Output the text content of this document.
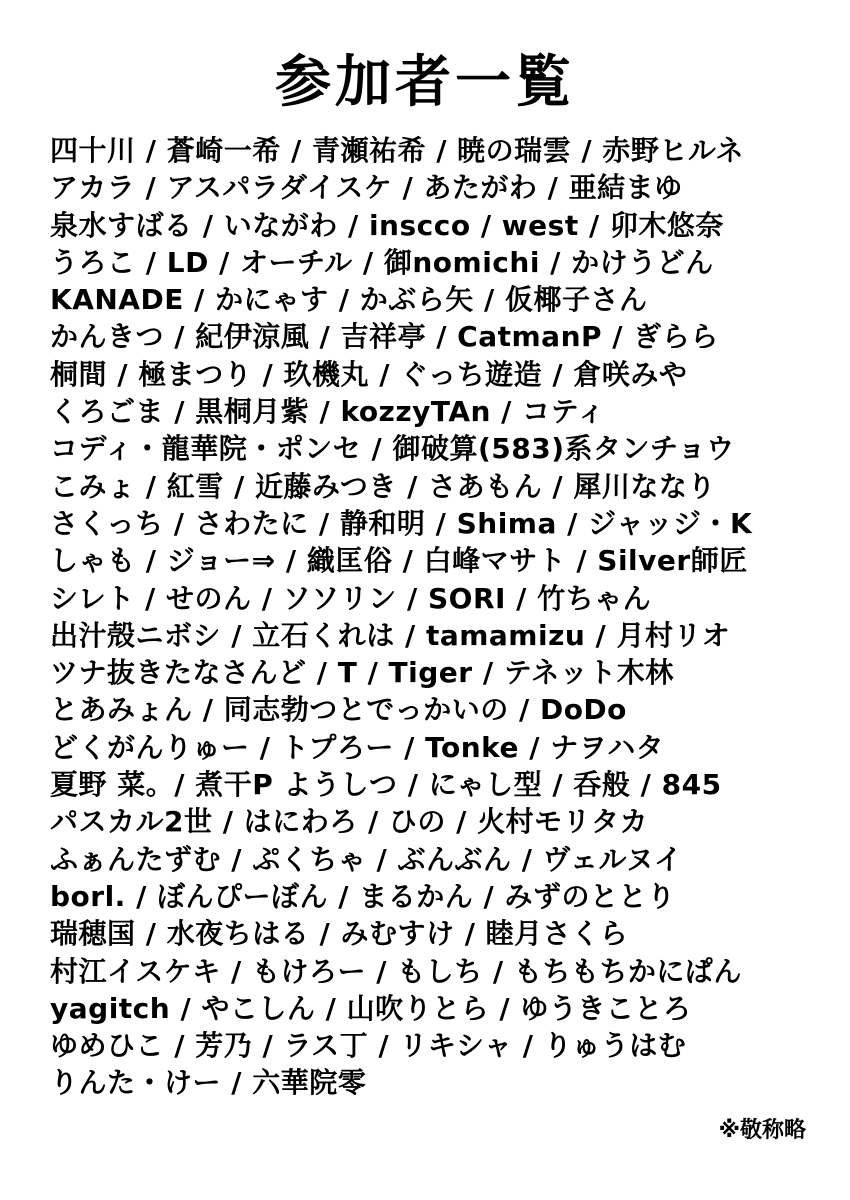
参加者一覧
四十川 / 蒼崎一希 / 青瀬祐希 / 暁の瑞雲 / 赤野ヒルネ
アカラ / アスパラダイスケ / あたがわ / 亜結まゆ
泉水すばる / いながわ / inscco / west / 卯木悠奈
うろこ / LD / オーチル / 御nomichi / かけうどん
KANADE / かにゃす / かぶら矢 / 仮椰子さん
かんきつ / 紀伊涼風 / 吉祥亭 / CatmanP / ぎらら
桐間 / 極まつり / 玖機丸 / ぐっち遊造 / 倉咲みや
くろごま / 黒桐月紫 / kozzyTAn / コティ
コディ・龍華院・ポンセ / 御破算(583)系タンチョウ
こみょ / 紅雪 / 近藤みつき / さあもん / 犀川ななり
さくっち / さわたに / 静和明 / Shima / ジャッジ・K
しゃも / ジョー⇒ / 織匡俗 / 白峰マサト / Silver師匠
シレト / せのん / ソソリン / SORI / 竹ちゃん
出汁殻ニボシ / 立石くれは / tamamizu / 月村リオ
ツナ抜きたなさんど / T / Tiger / テネット木林
とあみょん / 同志勃つとでっかいの / DoDo
どくがんりゅー / トプろー / Tonke / ナヲハタ
夏野 菜。/ 煮干P ようしつ / にゃし型 / 呑般 / 845
パスカル2世 / はにわろ / ひの / 火村モリタカ
ふぁんたずむ / ぷくちゃ / ぶんぶん / ヴェルヌイ
borl. / ぼんぴーぼん / まるかん / みずのととり
瑞穂国 / 水夜ちはる / みむすけ / 睦月さくら
村江イスケキ / もけろー / もしち / もちもちかにぱん
yagitch / やこしん / 山吹りとら / ゆうきことろ
ゆめひこ / 芳乃 / ラス丁 / リキシャ / りゅうはむ
りんた・けー / 六華院零
※敬称略
